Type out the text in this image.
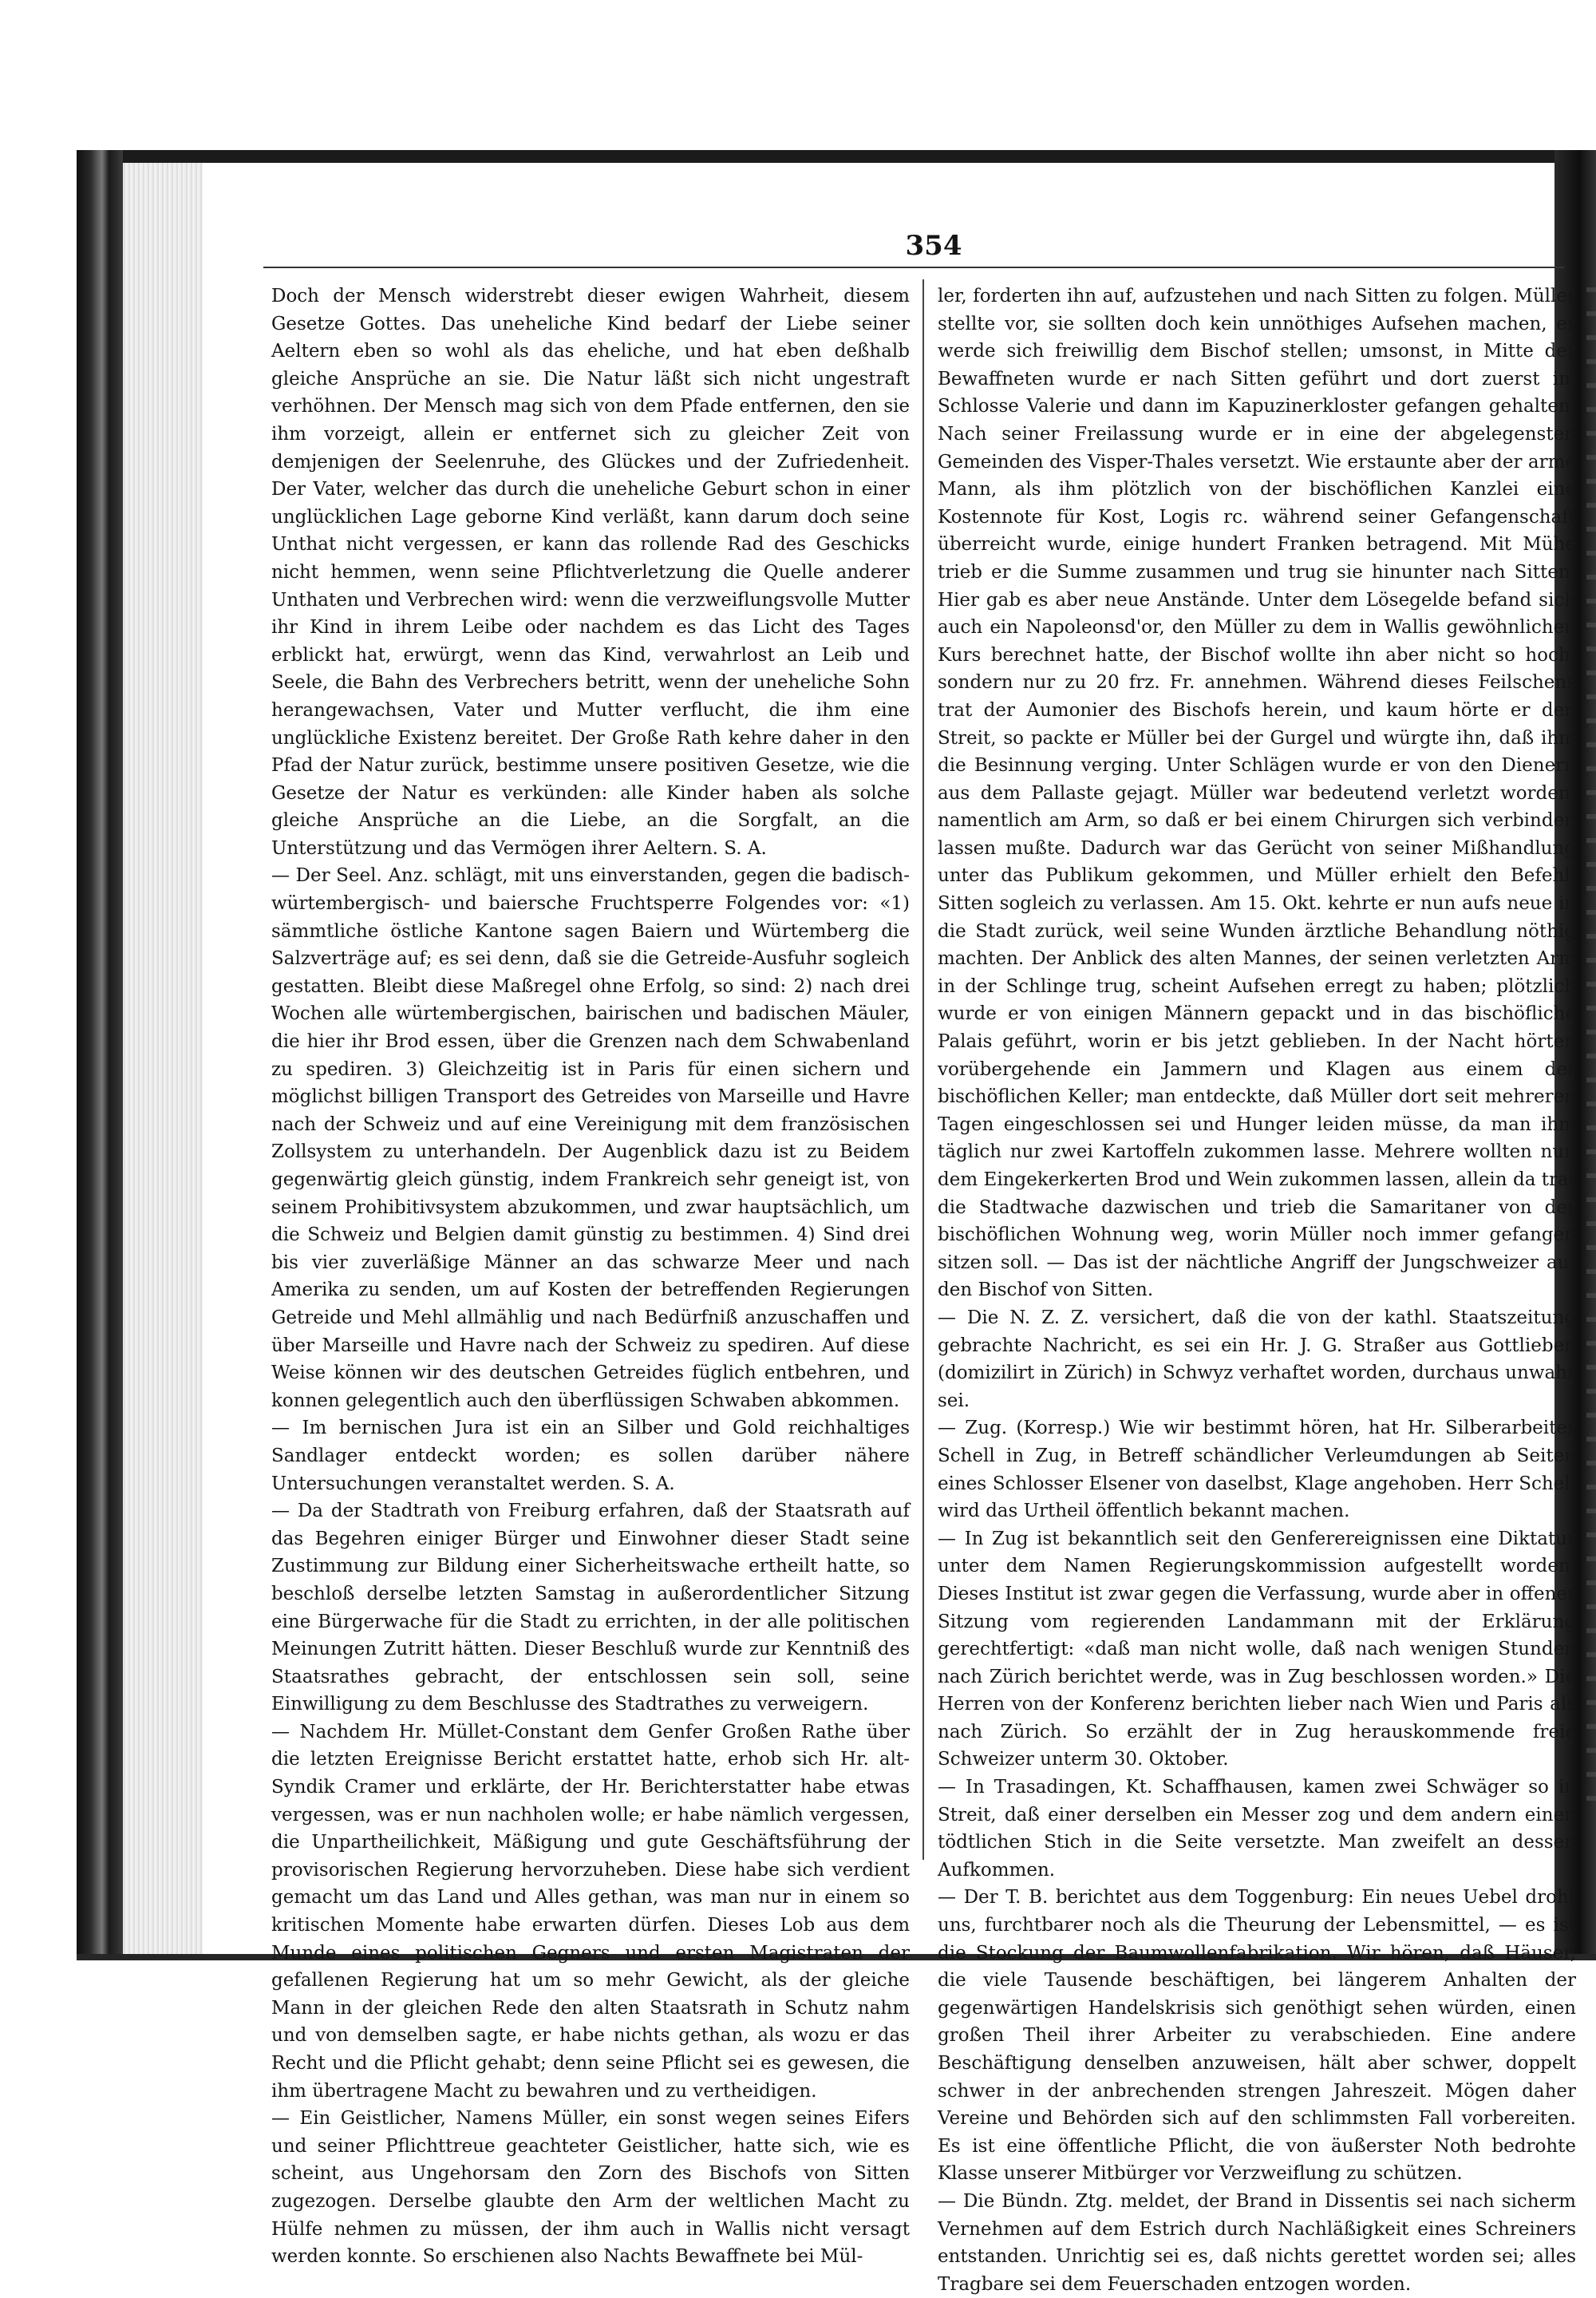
354

Doch der Mensch widerstrebt dieser ewigen Wahrheit, diesem Gesetze Gottes. Das uneheliche Kind bedarf der Liebe seiner Aeltern eben so wohl als das eheliche, und hat eben deßhalb gleiche Ansprüche an sie. Die Natur läßt sich nicht ungestraft verhöhnen. Der Mensch mag sich von dem Pfade entfernen, den sie ihm vorzeigt, allein er entfernet sich zu gleicher Zeit von demjenigen der Seelenruhe, des Glückes und der Zufriedenheit. Der Vater, welcher das durch die uneheliche Geburt schon in einer unglücklichen Lage geborne Kind verläßt, kann darum doch seine Unthat nicht vergessen, er kann das rollende Rad des Geschicks nicht hemmen, wenn seine Pflichtverletzung die Quelle anderer Unthaten und Verbrechen wird: wenn die verzweiflungsvolle Mutter ihr Kind in ihrem Leibe oder nachdem es das Licht des Tages erblickt hat, erwürgt, wenn das Kind, verwahrlost an Leib und Seele, die Bahn des Verbrechers betritt, wenn der uneheliche Sohn herangewachsen, Vater und Mutter verflucht, die ihm eine unglückliche Existenz bereitet. Der Große Rath kehre daher in den Pfad der Natur zurück, bestimme unsere positiven Gesetze, wie die Gesetze der Natur es verkünden: alle Kinder haben als solche gleiche Ansprüche an die Liebe, an die Sorgfalt, an die Unterstützung und das Vermögen ihrer Aeltern. S. A.

— Der Seel. Anz. schlägt, mit uns einverstanden, gegen die badisch-würtembergisch- und baiersche Fruchtsperre Folgendes vor: «1) sämmtliche östliche Kantone sagen Baiern und Würtemberg die Salzverträge auf; es sei denn, daß sie die Getreide-Ausfuhr sogleich gestatten. Bleibt diese Maßregel ohne Erfolg, so sind: 2) nach drei Wochen alle würtembergischen, bairischen und badischen Mäuler, die hier ihr Brod essen, über die Grenzen nach dem Schwabenland zu spediren. 3) Gleichzeitig ist in Paris für einen sichern und möglichst billigen Transport des Getreides von Marseille und Havre nach der Schweiz und auf eine Vereinigung mit dem französischen Zollsystem zu unterhandeln. Der Augenblick dazu ist zu Beidem gegenwärtig gleich günstig, indem Frankreich sehr geneigt ist, von seinem Prohibitivsystem abzukommen, und zwar hauptsächlich, um die Schweiz und Belgien damit günstig zu bestimmen. 4) Sind drei bis vier zuverläßige Männer an das schwarze Meer und nach Amerika zu senden, um auf Kosten der betreffenden Regierungen Getreide und Mehl allmählig und nach Bedürfniß anzuschaffen und über Marseille und Havre nach der Schweiz zu spediren. Auf diese Weise können wir des deutschen Getreides füglich entbehren, und konnen gelegentlich auch den überflüssigen Schwaben abkommen.

— Im bernischen Jura ist ein an Silber und Gold reichhaltiges Sandlager entdeckt worden; es sollen darüber nähere Untersuchungen veranstaltet werden. S. A.

— Da der Stadtrath von Freiburg erfahren, daß der Staatsrath auf das Begehren einiger Bürger und Einwohner dieser Stadt seine Zustimmung zur Bildung einer Sicherheitswache ertheilt hatte, so beschloß derselbe letzten Samstag in außerordentlicher Sitzung eine Bürgerwache für die Stadt zu errichten, in der alle politischen Meinungen Zutritt hätten. Dieser Beschluß wurde zur Kenntniß des Staatsrathes gebracht, der entschlossen sein soll, seine Einwilligung zu dem Beschlusse des Stadtrathes zu verweigern.

— Nachdem Hr. Müllet-Constant dem Genfer Großen Rathe über die letzten Ereignisse Bericht erstattet hatte, erhob sich Hr. alt-Syndik Cramer und erklärte, der Hr. Berichterstatter habe etwas vergessen, was er nun nachholen wolle; er habe nämlich vergessen, die Unpartheilichkeit, Mäßigung und gute Geschäftsführung der provisorischen Regierung hervorzuheben. Diese habe sich verdient gemacht um das Land und Alles gethan, was man nur in einem so kritischen Momente habe erwarten dürfen. Dieses Lob aus dem Munde eines politischen Gegners und ersten Magistraten der gefallenen Regierung hat um so mehr Gewicht, als der gleiche Mann in der gleichen Rede den alten Staatsrath in Schutz nahm und von demselben sagte, er habe nichts gethan, als wozu er das Recht und die Pflicht gehabt; denn seine Pflicht sei es gewesen, die ihm übertragene Macht zu bewahren und zu vertheidigen.

— Ein Geistlicher, Namens Müller, ein sonst wegen seines Eifers und seiner Pflichttreue geachteter Geistlicher, hatte sich, wie es scheint, aus Ungehorsam den Zorn des Bischofs von Sitten zugezogen. Derselbe glaubte den Arm der weltlichen Macht zu Hülfe nehmen zu müssen, der ihm auch in Wallis nicht versagt werden konnte. So erschienen also Nachts Bewaffnete bei Mül-

ler, forderten ihn auf, aufzustehen und nach Sitten zu folgen. Müller stellte vor, sie sollten doch kein unnöthiges Aufsehen machen, er werde sich freiwillig dem Bischof stellen; umsonst, in Mitte der Bewaffneten wurde er nach Sitten geführt und dort zuerst im Schlosse Valerie und dann im Kapuzinerkloster gefangen gehalten. Nach seiner Freilassung wurde er in eine der abgelegensten Gemeinden des Visper-Thales versetzt. Wie erstaunte aber der arme Mann, als ihm plötzlich von der bischöflichen Kanzlei eine Kostennote für Kost, Logis rc. während seiner Gefangenschaft überreicht wurde, einige hundert Franken betragend. Mit Mühe trieb er die Summe zusammen und trug sie hinunter nach Sitten. Hier gab es aber neue Anstände. Unter dem Lösegelde befand sich auch ein Napoleonsd'or, den Müller zu dem in Wallis gewöhnlichen Kurs berechnet hatte, der Bischof wollte ihn aber nicht so hoch, sondern nur zu 20 frz. Fr. annehmen. Während dieses Feilschens trat der Aumonier des Bischofs herein, und kaum hörte er den Streit, so packte er Müller bei der Gurgel und würgte ihn, daß ihm die Besinnung verging. Unter Schlägen wurde er von den Dienern aus dem Pallaste gejagt. Müller war bedeutend verletzt worden, namentlich am Arm, so daß er bei einem Chirurgen sich verbinden lassen mußte. Dadurch war das Gerücht von seiner Mißhandlung unter das Publikum gekommen, und Müller erhielt den Befehl, Sitten sogleich zu verlassen. Am 15. Okt. kehrte er nun aufs neue in die Stadt zurück, weil seine Wunden ärztliche Behandlung nöthig machten. Der Anblick des alten Mannes, der seinen verletzten Arm in der Schlinge trug, scheint Aufsehen erregt zu haben; plötzlich wurde er von einigen Männern gepackt und in das bischöfliche Palais geführt, worin er bis jetzt geblieben. In der Nacht hörten vorübergehende ein Jammern und Klagen aus einem der bischöflichen Keller; man entdeckte, daß Müller dort seit mehreren Tagen eingeschlossen sei und Hunger leiden müsse, da man ihm täglich nur zwei Kartoffeln zukommen lasse. Mehrere wollten nun dem Eingekerkerten Brod und Wein zukommen lassen, allein da trat die Stadtwache dazwischen und trieb die Samaritaner von der bischöflichen Wohnung weg, worin Müller noch immer gefangen sitzen soll. — Das ist der nächtliche Angriff der Jungschweizer auf den Bischof von Sitten.

— Die N. Z. Z. versichert, daß die von der kathl. Staatszeitung gebrachte Nachricht, es sei ein Hr. J. G. Straßer aus Gottlieben (domizilirt in Zürich) in Schwyz verhaftet worden, durchaus unwahr sei.

— Zug. (Korresp.) Wie wir bestimmt hören, hat Hr. Silberarbeiter Schell in Zug, in Betreff schändlicher Verleumdungen ab Seiten eines Schlosser Elsener von daselbst, Klage angehoben. Herr Schell wird das Urtheil öffentlich bekannt machen.

— In Zug ist bekanntlich seit den Genferereignissen eine Diktatur unter dem Namen Regierungskommission aufgestellt worden. Dieses Institut ist zwar gegen die Verfassung, wurde aber in offener Sitzung vom regierenden Landammann mit der Erklärung gerechtfertigt: «daß man nicht wolle, daß nach wenigen Stunden nach Zürich berichtet werde, was in Zug beschlossen worden.» Die Herren von der Konferenz berichten lieber nach Wien und Paris als nach Zürich. So erzählt der in Zug herauskommende freie Schweizer unterm 30. Oktober.

— In Trasadingen, Kt. Schaffhausen, kamen zwei Schwäger so in Streit, daß einer derselben ein Messer zog und dem andern einen tödtlichen Stich in die Seite versetzte. Man zweifelt an dessen Aufkommen.

— Der T. B. berichtet aus dem Toggenburg: Ein neues Uebel droht uns, furchtbarer noch als die Theurung der Lebensmittel, — es ist die Stockung der Baumwollenfabrikation. Wir hören, daß Häuser, die viele Tausende beschäftigen, bei längerem Anhalten der gegenwärtigen Handelskrisis sich genöthigt sehen würden, einen großen Theil ihrer Arbeiter zu verabschieden. Eine andere Beschäftigung denselben anzuweisen, hält aber schwer, doppelt schwer in der anbrechenden strengen Jahreszeit. Mögen daher Vereine und Behörden sich auf den schlimmsten Fall vorbereiten. Es ist eine öffentliche Pflicht, die von äußerster Noth bedrohte Klasse unserer Mitbürger vor Verzweiflung zu schützen.

— Die Bündn. Ztg. meldet, der Brand in Dissentis sei nach sicherm Vernehmen auf dem Estrich durch Nachläßigkeit eines Schreiners entstanden. Unrichtig sei es, daß nichts gerettet worden sei; alles Tragbare sei dem Feuerschaden entzogen worden.
